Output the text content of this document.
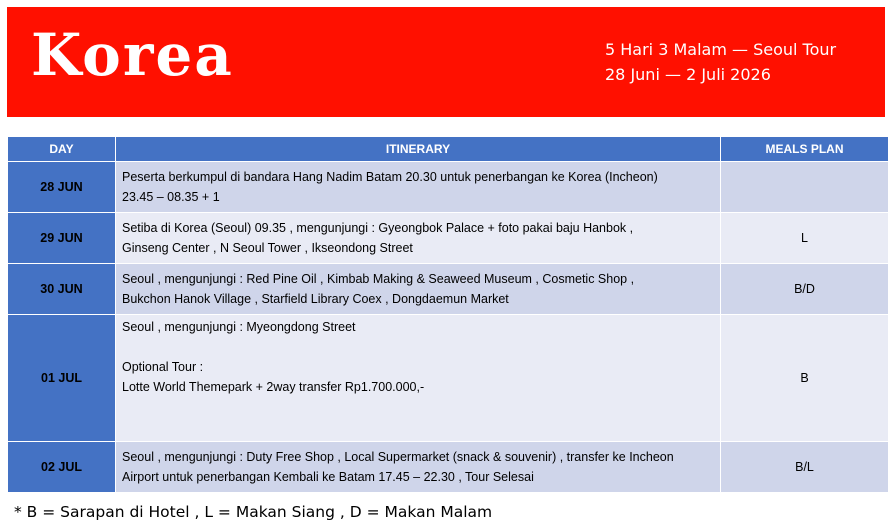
Korea	5 Hari 3 Malam — Seoul Tour
28 Juni — 2 Juli 2026
DAY	ITINERARY	MEALS PLAN
28 JUN	Peserta berkumpul di bandara Hang Nadim Batam 20.30 untuk penerbangan ke Korea (Incheon)
23.45 – 08.35 + 1	

29 JUN	Setiba di Korea (Seoul) 09.35 , mengunjungi : Gyeongbok Palace + foto pakai baju Hanbok ,
Ginseng Center , N Seoul Tower , Ikseondong Street	L
30 JUN	Seoul , mengunjungi : Red Pine Oil , Kimbab Making & Seaweed Museum , Cosmetic Shop ,
Bukchon Hanok Village , Starfield Library Coex , Dongdaemun Market	B/D
01 JUL	Seoul , mengunjungi : Myeongdong Street
Optional Tour :
Lotte World Themepark + 2way transfer Rp1.700.000,-	B
02 JUL	Seoul , mengunjungi : Duty Free Shop , Local Supermarket (snack & souvenir) , transfer ke Incheon
Airport untuk penerbangan Kembali ke Batam 17.45 – 22.30 , Tour Selesai	B/L
* B = Sarapan di Hotel , L = Makan Siang , D = Makan Malam
